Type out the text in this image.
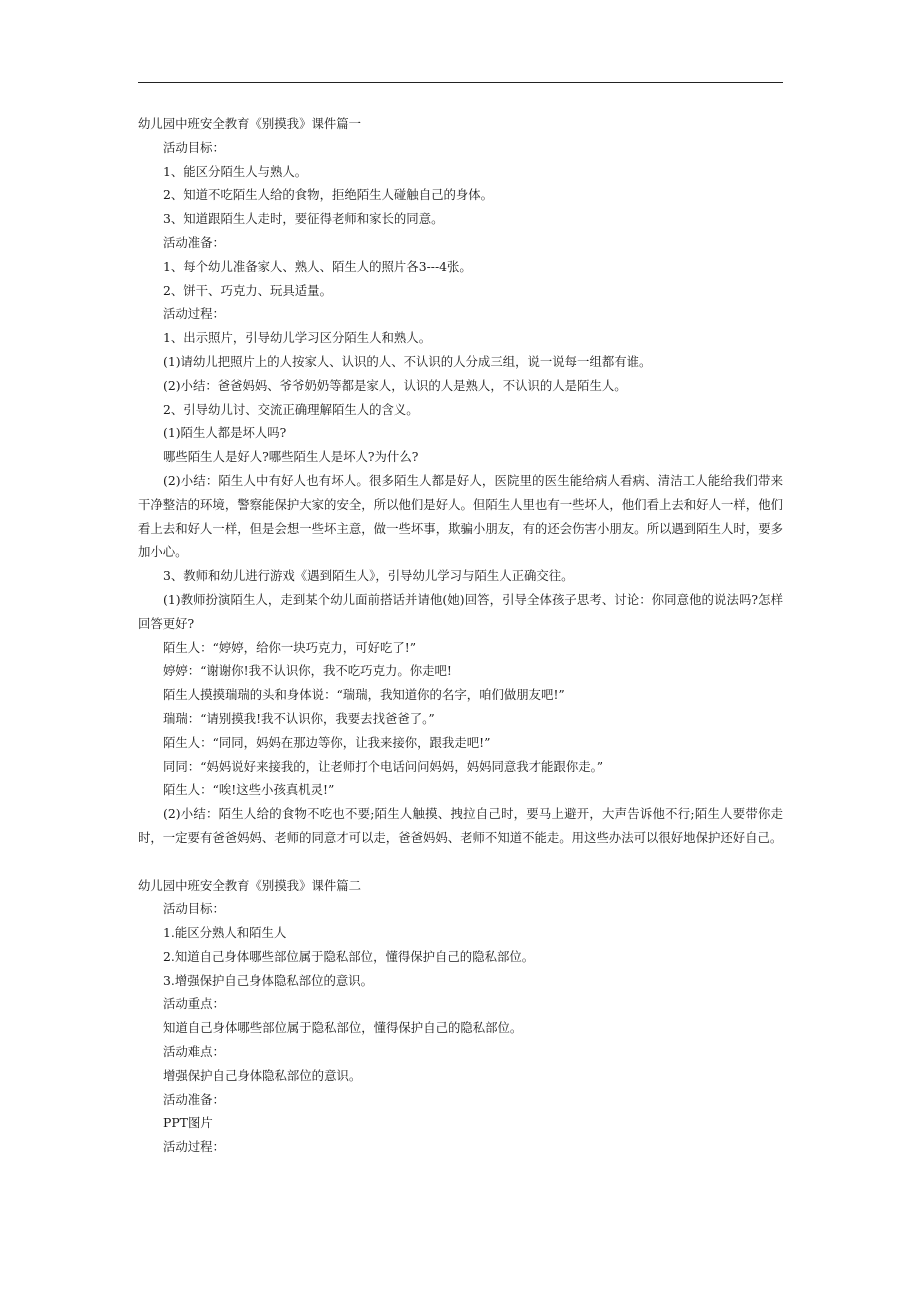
幼儿园中班安全教育《别摸我》课件篇一

活动目标：

1、能区分陌生人与熟人。

2、知道不吃陌生人给的食物，拒绝陌生人碰触自己的身体。

3、知道跟陌生人走时，要征得老师和家长的同意。

活动准备：

1、每个幼儿准备家人、熟人、陌生人的照片各3---4张。

2、饼干、巧克力、玩具适量。

活动过程：

1、出示照片，引导幼儿学习区分陌生人和熟人。

(1)请幼儿把照片上的人按家人、认识的人、不认识的人分成三组，说一说每一组都有谁。

(2)小结：爸爸妈妈、爷爷奶奶等都是家人，认识的人是熟人，不认识的人是陌生人。

2、引导幼儿讨、交流正确理解陌生人的含义。

(1)陌生人都是坏人吗?

哪些陌生人是好人?哪些陌生人是坏人?为什么?

(2)小结：陌生人中有好人也有坏人。很多陌生人都是好人，医院里的医生能给病人看病、清洁工人能给我们带来干净整洁的环境，警察能保护大家的安全，所以他们是好人。但陌生人里也有一些坏人，他们看上去和好人一样，他们看上去和好人一样，但是会想一些坏主意，做一些坏事，欺骗小朋友，有的还会伤害小朋友。所以遇到陌生人时，要多加小心。

3、教师和幼儿进行游戏《遇到陌生人》，引导幼儿学习与陌生人正确交往。

(1)教师扮演陌生人，走到某个幼儿面前搭话并请他(她)回答，引导全体孩子思考、讨论：你同意他的说法吗?怎样回答更好?

陌生人：“婷婷，给你一块巧克力，可好吃了!”

婷婷：“谢谢你!我不认识你，我不吃巧克力。你走吧!

陌生人摸摸瑞瑞的头和身体说：“瑞瑞，我知道你的名字，咱们做朋友吧!”

瑞瑞：“请别摸我!我不认识你，我要去找爸爸了。”

陌生人：“同同，妈妈在那边等你，让我来接你，跟我走吧!”

同同：“妈妈说好来接我的，让老师打个电话问问妈妈，妈妈同意我才能跟你走。”

陌生人：“唉!这些小孩真机灵!”

(2)小结：陌生人给的食物不吃也不要;陌生人触摸、拽拉自己时，要马上避开，大声告诉他不行;陌生人要带你走时，一定要有爸爸妈妈、老师的同意才可以走，爸爸妈妈、老师不知道不能走。用这些办法可以很好地保护还好自己。

幼儿园中班安全教育《别摸我》课件篇二

活动目标：

1.能区分熟人和陌生人

2.知道自己身体哪些部位属于隐私部位，懂得保护自己的隐私部位。

3.增强保护自己身体隐私部位的意识。

活动重点：

知道自己身体哪些部位属于隐私部位，懂得保护自己的隐私部位。

活动难点：

增强保护自己身体隐私部位的意识。

活动准备：

PPT图片

活动过程：
